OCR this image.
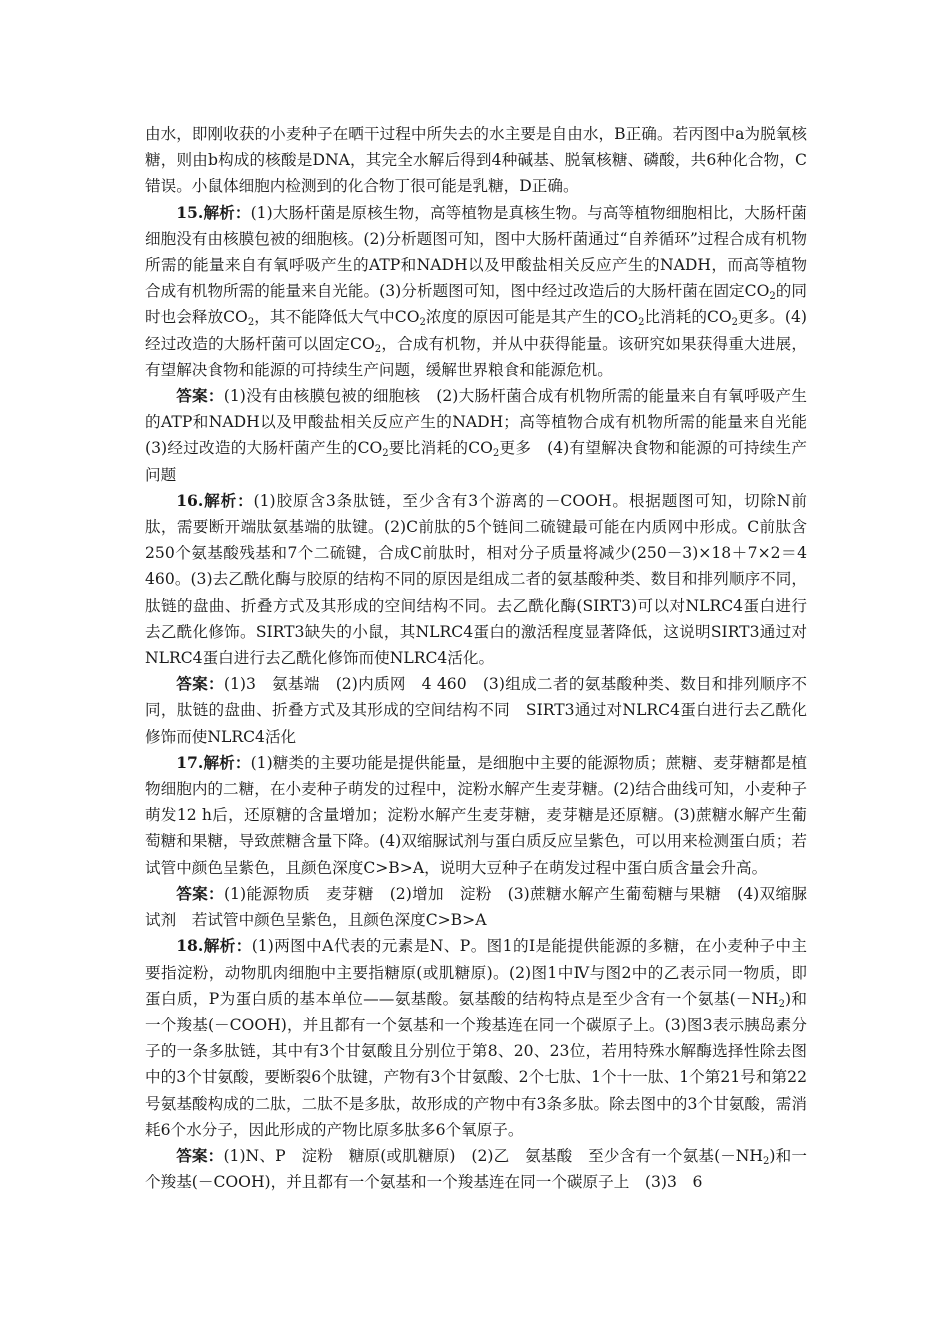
由水，即刚收获的小麦种子在晒干过程中所失去的水主要是自由水，B正确。若丙图中a为脱氧核糖，则由b构成的核酸是DNA，其完全水解后得到4种碱基、脱氧核糖、磷酸，共6种化合物，C错误。小鼠体细胞内检测到的化合物丁很可能是乳糖，D正确。

15.解析：(1)大肠杆菌是原核生物，高等植物是真核生物。与高等植物细胞相比，大肠杆菌细胞没有由核膜包被的细胞核。(2)分析题图可知，图中大肠杆菌通过“自养循环”过程合成有机物所需的能量来自有氧呼吸产生的ATP和NADH以及甲酸盐相关反应产生的NADH，而高等植物合成有机物所需的能量来自光能。(3)分析题图可知，图中经过改造后的大肠杆菌在固定$CO_2$的同时也会释放$CO_2$，其不能降低大气中$CO_2$浓度的原因可能是其产生的$CO_2$比消耗的$CO_2$更多。(4)经过改造的大肠杆菌可以固定$CO_2$，合成有机物，并从中获得能量。该研究如果获得重大进展，有望解决食物和能源的可持续生产问题，缓解世界粮食和能源危机。

答案：(1)没有由核膜包被的细胞核　(2)大肠杆菌合成有机物所需的能量来自有氧呼吸产生的ATP和NADH以及甲酸盐相关反应产生的NADH；高等植物合成有机物所需的能量来自光能　(3)经过改造的大肠杆菌产生的$CO_2$要比消耗的$CO_2$更多　(4)有望解决食物和能源的可持续生产问题

16.解析：(1)胶原含3条肽链，至少含有3个游离的－COOH。根据题图可知，切除N前肽，需要断开端肽氨基端的肽键。(2)C前肽的5个链间二硫键最可能在内质网中形成。C前肽含250个氨基酸残基和7个二硫键，合成C前肽时，相对分子质量将减少(250－3)×18＋7×2＝4 460。(3)去乙酰化酶与胶原的结构不同的原因是组成二者的氨基酸种类、数目和排列顺序不同，肽链的盘曲、折叠方式及其形成的空间结构不同。去乙酰化酶(SIRT3)可以对NLRC4蛋白进行去乙酰化修饰。SIRT3缺失的小鼠，其NLRC4蛋白的激活程度显著降低，这说明SIRT3通过对NLRC4蛋白进行去乙酰化修饰而使NLRC4活化。

答案：(1)3　氨基端　(2)内质网　4 460　(3)组成二者的氨基酸种类、数目和排列顺序不同，肽链的盘曲、折叠方式及其形成的空间结构不同　SIRT3通过对NLRC4蛋白进行去乙酰化修饰而使NLRC4活化

17.解析：(1)糖类的主要功能是提供能量，是细胞中主要的能源物质；蔗糖、麦芽糖都是植物细胞内的二糖，在小麦种子萌发的过程中，淀粉水解产生麦芽糖。(2)结合曲线可知，小麦种子萌发12 h后，还原糖的含量增加；淀粉水解产生麦芽糖，麦芽糖是还原糖。(3)蔗糖水解产生葡萄糖和果糖，导致蔗糖含量下降。(4)双缩脲试剂与蛋白质反应呈紫色，可以用来检测蛋白质；若试管中颜色呈紫色，且颜色深度C>B>A，说明大豆种子在萌发过程中蛋白质含量会升高。

答案：(1)能源物质　麦芽糖　(2)增加　淀粉　(3)蔗糖水解产生葡萄糖与果糖　(4)双缩脲试剂　若试管中颜色呈紫色，且颜色深度C>B>A

18.解析：(1)两图中A代表的元素是N、P。图1的Ⅰ是能提供能源的多糖，在小麦种子中主要指淀粉，动物肌肉细胞中主要指糖原(或肌糖原)。(2)图1中Ⅳ与图2中的乙表示同一物质，即蛋白质，P为蛋白质的基本单位——氨基酸。氨基酸的结构特点是至少含有一个氨基$(-NH_2)$和一个羧基(－COOH)，并且都有一个氨基和一个羧基连在同一个碳原子上。(3)图3表示胰岛素分子的一条多肽链，其中有3个甘氨酸且分别位于第8、20、23位，若用特殊水解酶选择性除去图中的3个甘氨酸，要断裂6个肽键，产物有3个甘氨酸、2个七肽、1个十一肽、1个第21号和第22号氨基酸构成的二肽，二肽不是多肽，故形成的产物中有3条多肽。除去图中的3个甘氨酸，需消耗6个水分子，因此形成的产物比原多肽多6个氧原子。

答案：(1)N、P　淀粉　糖原(或肌糖原)　(2)乙　氨基酸　至少含有一个氨基$(-NH_2)$和一个羧基(－COOH)，并且都有一个氨基和一个羧基连在同一个碳原子上　(3)3　6
